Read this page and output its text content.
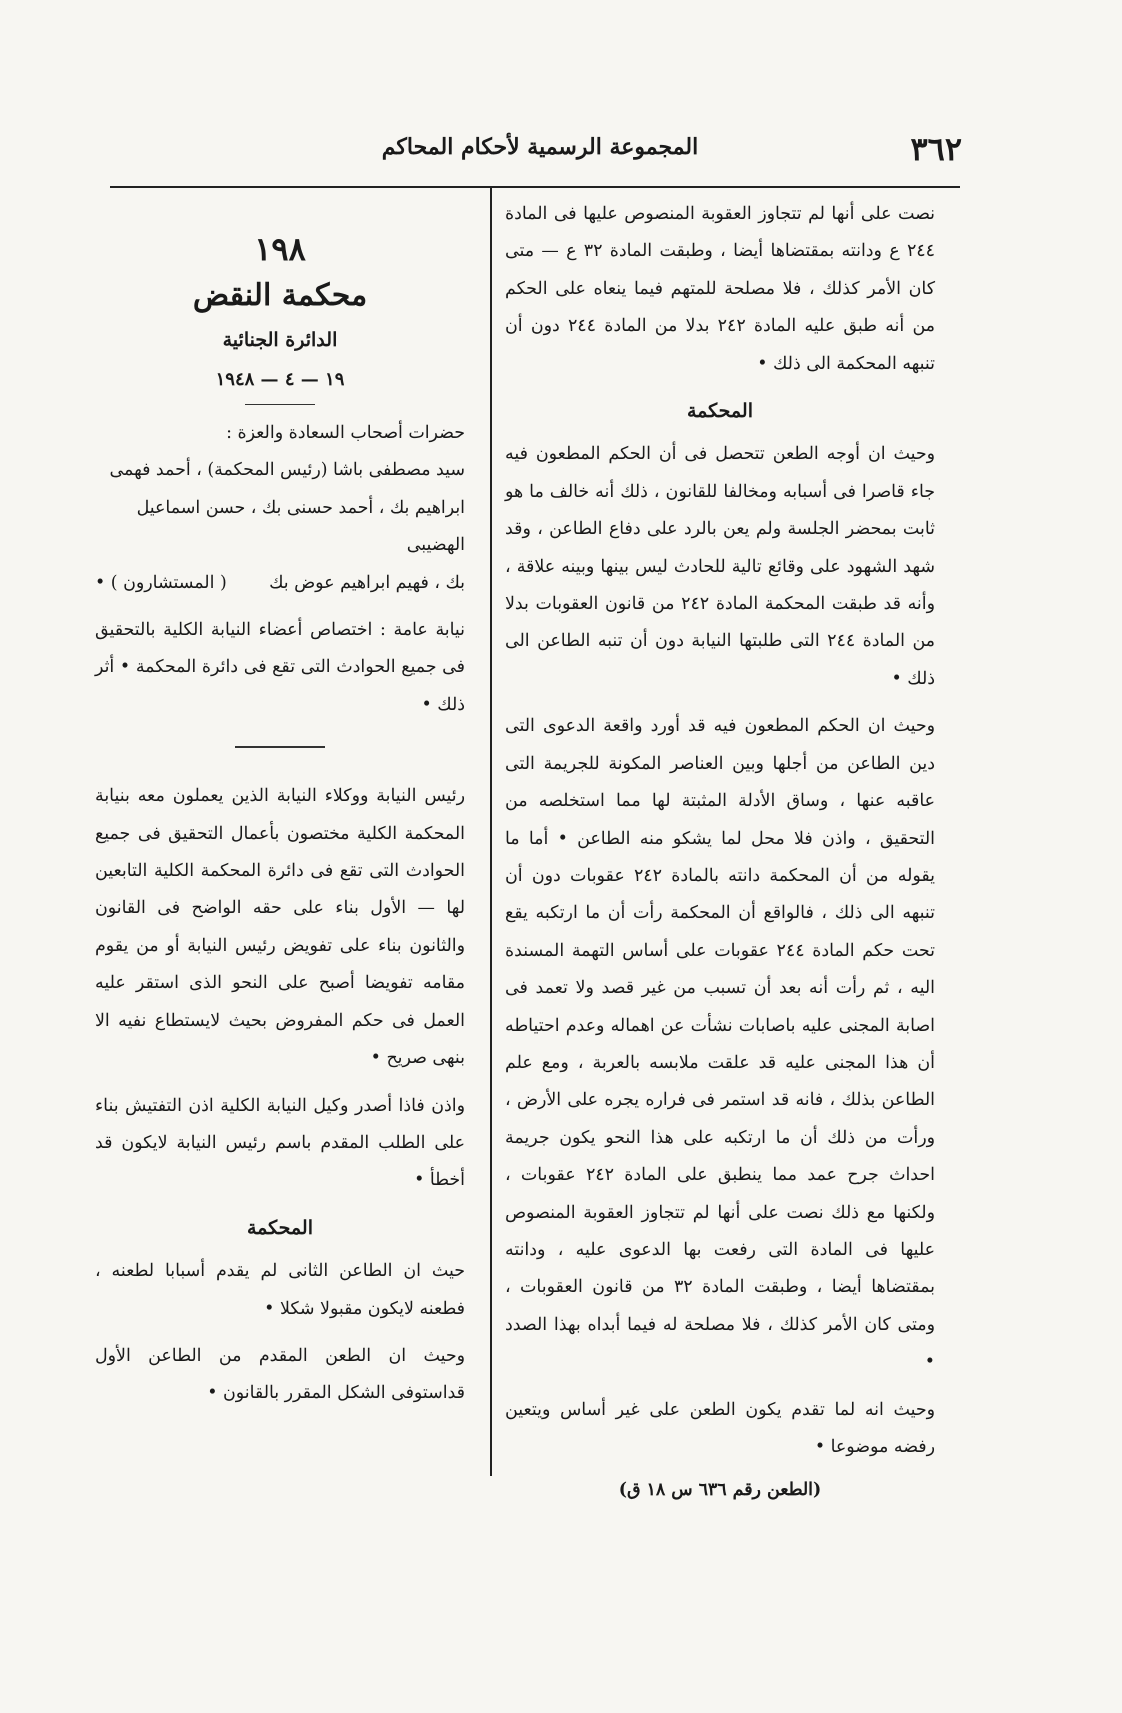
٣٦٢
المجموعة الرسمية لأحكام المحاكم

نصت على أنها لم تتجاوز العقوبة المنصوص عليها فى المادة ٢٤٤ ع ودانته بمقتضاها أيضا ، وطبقت المادة ٣٢ ع — متى كان الأمر كذلك ، فلا مصلحة للمتهم فيما ينعاه على الحكم من أنه طبق عليه المادة ٢٤٢ بدلا من المادة ٢٤٤ دون أن تنبهه المحكمة الى ذلك •

المحكمة

وحيث ان أوجه الطعن تتحصل فى أن الحكم المطعون فيه جاء قاصرا فى أسبابه ومخالفا للقانون ، ذلك أنه خالف ما هو ثابت بمحضر الجلسة ولم يعن بالرد على دفاع الطاعن ، وقد شهد الشهود على وقائع تالية للحادث ليس بينها وبينه علاقة ، وأنه قد طبقت المحكمة المادة ٢٤٢ من قانون العقوبات بدلا من المادة ٢٤٤ التى طلبتها النيابة دون أن تنبه الطاعن الى ذلك •

وحيث ان الحكم المطعون فيه قد أورد واقعة الدعوى التى دين الطاعن من أجلها وبين العناصر المكونة للجريمة التى عاقبه عنها ، وساق الأدلة المثبتة لها مما استخلصه من التحقيق ، واذن فلا محل لما يشكو منه الطاعن • أما ما يقوله من أن المحكمة دانته بالمادة ٢٤٢ عقوبات دون أن تنبهه الى ذلك ، فالواقع أن المحكمة رأت أن ما ارتكبه يقع تحت حكم المادة ٢٤٤ عقوبات على أساس التهمة المسندة اليه ، ثم رأت أنه بعد أن تسبب من غير قصد ولا تعمد فى اصابة المجنى عليه باصابات نشأت عن اهماله وعدم احتياطه أن هذا المجنى عليه قد علقت ملابسه بالعربة ، ومع علم الطاعن بذلك ، فانه قد استمر فى فراره يجره على الأرض ، ورأت من ذلك أن ما ارتكبه على هذا النحو يكون جريمة احداث جرح عمد مما ينطبق على المادة ٢٤٢ عقوبات ، ولكنها مع ذلك نصت على أنها لم تتجاوز العقوبة المنصوص عليها فى المادة التى رفعت بها الدعوى عليه ، ودانته بمقتضاها أيضا ، وطبقت المادة ٣٢ من قانون العقوبات ، ومتى كان الأمر كذلك ، فلا مصلحة له فيما أبداه بهذا الصدد •

وحيث انه لما تقدم يكون الطعن على غير أساس ويتعين رفضه موضوعا •

(الطعن رقم ٦٣٦ س ١٨ ق)
١٩٨
محكمة النقض
الدائرة الجنائية
١٩ — ٤ — ١٩٤٨

حضرات أصحاب السعادة والعزة :

سيد مصطفى باشا (رئيس المحكمة) ، أحمد فهمى

ابراهيم بك ، أحمد حسنى بك ، حسن اسماعيل الهضيبى

بك ، فهيم ابراهيم عوض بك
( المستشارون ) •

نيابة عامة : اختصاص أعضاء النيابة الكلية بالتحقيق فى جميع الحوادث التى تقع فى دائرة المحكمة • أثر ذلك •

رئيس النيابة ووكلاء النيابة الذين يعملون معه بنيابة المحكمة الكلية مختصون بأعمال التحقيق فى جميع الحوادث التى تقع فى دائرة المحكمة الكلية التابعين لها — الأول بناء على حقه الواضح فى القانون والثانون بناء على تفويض رئيس النيابة أو من يقوم مقامه تفويضا أصبح على النحو الذى استقر عليه العمل فى حكم المفروض بحيث لايستطاع نفيه الا بنهى صريح •

واذن فاذا أصدر وكيل النيابة الكلية اذن التفتيش بناء على الطلب المقدم باسم رئيس النيابة لايكون قد أخطأ •

المحكمة

حيث ان الطاعن الثانى لم يقدم أسبابا لطعنه ، فطعنه لايكون مقبولا شكلا •

وحيث ان الطعن المقدم من الطاعن الأول قداستوفى الشكل المقرر بالقانون •
